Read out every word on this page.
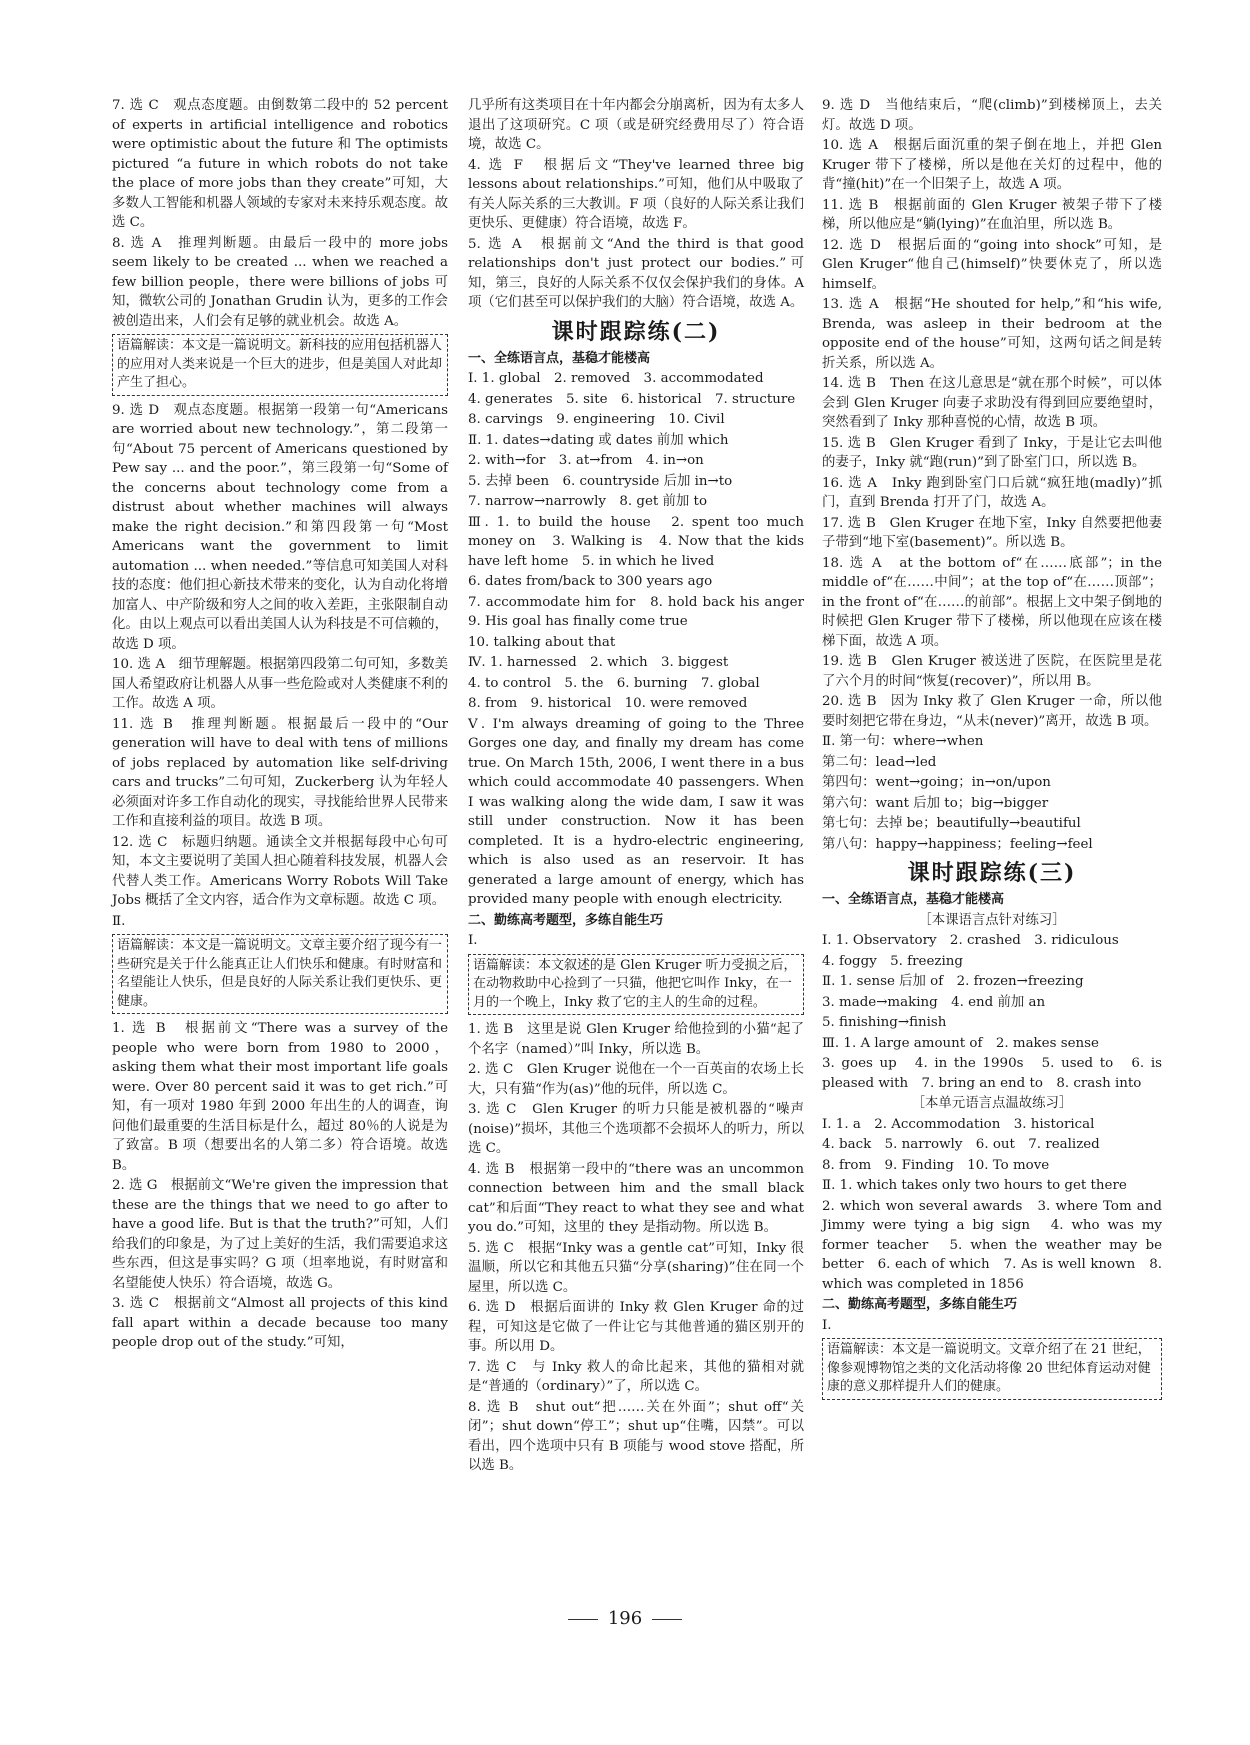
7. 选 C　观点态度题。由倒数第二段中的 52 percent of experts in artificial intelligence and robotics were optimistic about the future 和 The optimists pictured “a future in which robots do not take the place of more jobs than they create”可知，大多数人工智能和机器人领域的专家对未来持乐观态度。故选 C。

8. 选 A　推理判断题。由最后一段中的 more jobs seem likely to be created ... when we reached a few billion people，there were billions of jobs 可知，微软公司的 Jonathan Grudin 认为，更多的工作会被创造出来，人们会有足够的就业机会。故选 A。

语篇解读：本文是一篇说明文。新科技的应用包括机器人的应用对人类来说是一个巨大的进步，但是美国人对此却产生了担心。

9. 选 D　观点态度题。根据第一段第一句“Americans are worried about new technology.”，第二段第一句“About 75 percent of Americans questioned by Pew say ... and the poor.”，第三段第一句“Some of the concerns about technology come from a distrust about whether machines will always make the right decision.”和第四段第一句“Most Americans want the government to limit automation ... when needed.”等信息可知美国人对科技的态度：他们担心新技术带来的变化，认为自动化将增加富人、中产阶级和穷人之间的收入差距，主张限制自动化。由以上观点可以看出美国人认为科技是不可信赖的，故选 D 项。

10. 选 A　细节理解题。根据第四段第二句可知，多数美国人希望政府让机器人从事一些危险或对人类健康不利的工作。故选 A 项。

11. 选 B　推理判断题。根据最后一段中的“Our generation will have to deal with tens of millions of jobs replaced by automation like self-driving cars and trucks”二句可知，Zuckerberg 认为年轻人必须面对许多工作自动化的现实，寻找能给世界人民带来工作和直接利益的项目。故选 B 项。

12. 选 C　标题归纳题。通读全文并根据每段中心句可知，本文主要说明了美国人担心随着科技发展，机器人会代替人类工作。Americans Worry Robots Will Take Jobs 概括了全文内容，适合作为文章标题。故选 C 项。

Ⅱ.

语篇解读：本文是一篇说明文。文章主要介绍了现今有一些研究是关于什么能真正让人们快乐和健康。有时财富和名望能让人快乐，但是良好的人际关系让我们更快乐、更健康。

1. 选 B　根据前文“There was a survey of the people who were born from 1980 to 2000，asking them what their most important life goals were. Over 80 percent said it was to get rich.”可知，有一项对 1980 年到 2000 年出生的人的调查，询问他们最重要的生活目标是什么，超过 80％的人说是为了致富。B 项（想要出名的人第二多）符合语境。故选 B。

2. 选 G　根据前文“We're given the impression that these are the things that we need to go after to have a good life. But is that the truth?”可知，人们给我们的印象是，为了过上美好的生活，我们需要追求这些东西，但这是事实吗？G 项（坦率地说，有时财富和名望能使人快乐）符合语境，故选 G。

3. 选 C　根据前文“Almost all projects of this kind fall apart within a decade because too many people drop out of the study.”可知，

几乎所有这类项目在十年内都会分崩离析，因为有太多人退出了这项研究。C 项（或是研究经费用尽了）符合语境，故选 C。

4. 选 F　根据后文“They've learned three big lessons about relationships.”可知，他们从中吸取了有关人际关系的三大教训。F 项（良好的人际关系让我们更快乐、更健康）符合语境，故选 F。

5. 选 A　根据前文“And the third is that good relationships don't just protect our bodies.”可知，第三，良好的人际关系不仅仅会保护我们的身体。A 项（它们甚至可以保护我们的大脑）符合语境，故选 A。

课时跟踪练(二)
一、全练语言点，基稳才能楼高

Ⅰ. 1. global　2. removed　3. accommodated

4. generates　5. site　6. historical　7. structure

8. carvings　9. engineering　10. Civil

Ⅱ. 1. dates→dating 或 dates 前加 which

2. with→for　3. at→from　4. in→on

5. 去掉 been　6. countryside 后加 in→to

7. narrow→narrowly　8. get 前加 to

Ⅲ. 1. to build the house　2. spent too much money on　3. Walking is　4. Now that the kids have left home　5. in which he lived

6. dates from/back to 300 years ago

7. accommodate him for　8. hold back his anger　9. His goal has finally come true

10. talking about that

Ⅳ. 1. harnessed　2. which　3. biggest

4. to control　5. the　6. burning　7. global

8. from　9. historical　10. were removed

Ⅴ. I'm always dreaming of going to the Three Gorges one day, and finally my dream has come true. On March 15th, 2006, I went there in a bus which could accommodate 40 passengers. When I was walking along the wide dam, I saw it was still under construction. Now it has been completed. It is a hydro-electric engineering, which is also used as an reservoir. It has generated a large amount of energy, which has provided many people with enough electricity.

二、勤练高考题型，多练自能生巧

Ⅰ.

语篇解读：本文叙述的是 Glen Kruger 听力受损之后，在动物救助中心捡到了一只猫，他把它叫作 Inky，在一月的一个晚上，Inky 救了它的主人的生命的过程。

1. 选 B　这里是说 Glen Kruger 给他捡到的小猫“起了个名字（named）”叫 Inky，所以选 B。

2. 选 C　Glen Kruger 说他在一个一百英亩的农场上长大，只有猫“作为(as)”他的玩伴，所以选 C。

3. 选 C　Glen Kruger 的听力只能是被机器的“噪声(noise)”损坏，其他三个选项都不会损坏人的听力，所以选 C。

4. 选 B　根据第一段中的“there was an uncommon connection between him and the small black cat”和后面“They react to what they see and what you do.”可知，这里的 they 是指动物。所以选 B。

5. 选 C　根据“Inky was a gentle cat”可知，Inky 很温顺，所以它和其他五只猫“分享(sharing)”住在同一个屋里，所以选 C。

6. 选 D　根据后面讲的 Inky 救 Glen Kruger 命的过程，可知这是它做了一件让它与其他普通的猫区别开的事。所以用 D。

7. 选 C　与 Inky 救人的命比起来，其他的猫相对就是“普通的（ordinary）”了，所以选 C。

8. 选 B　shut out“把……关在外面”；shut off“关闭”；shut down“停工”；shut up“住嘴，囚禁”。可以看出，四个选项中只有 B 项能与 wood stove 搭配，所以选 B。

9. 选 D　当他结束后，“爬(climb)”到楼梯顶上，去关灯。故选 D 项。

10. 选 A　根据后面沉重的架子倒在地上，并把 Glen Kruger 带下了楼梯，所以是他在关灯的过程中，他的背“撞(hit)”在一个旧架子上，故选 A 项。

11. 选 B　根据前面的 Glen Kruger 被架子带下了楼梯，所以他应是“躺(lying)”在血泊里，所以选 B。

12. 选 D　根据后面的“going into shock”可知，是 Glen Kruger“他自己(himself)”快要休克了，所以选 himself。

13. 选 A　根据“He shouted for help,”和“his wife, Brenda, was asleep in their bedroom at the opposite end of the house”可知，这两句话之间是转折关系，所以选 A。

14. 选 B　Then 在这儿意思是“就在那个时候”，可以体会到 Glen Kruger 向妻子求助没有得到回应要绝望时，突然看到了 Inky 那种喜悦的心情，故选 B 项。

15. 选 B　Glen Kruger 看到了 Inky，于是让它去叫他的妻子，Inky 就“跑(run)”到了卧室门口，所以选 B。

16. 选 A　Inky 跑到卧室门口后就“疯狂地(madly)”抓门，直到 Brenda 打开了门，故选 A。

17. 选 B　Glen Kruger 在地下室，Inky 自然要把他妻子带到“地下室(basement)”。所以选 B。

18. 选 A　at the bottom of“在……底部”；in the middle of“在……中间”；at the top of“在……顶部”；in the front of“在……的前部”。根据上文中架子倒地的时候把 Glen Kruger 带下了楼梯，所以他现在应该在楼梯下面，故选 A 项。

19. 选 B　Glen Kruger 被送进了医院，在医院里是花了六个月的时间“恢复(recover)”，所以用 B。

20. 选 B　因为 Inky 救了 Glen Kruger 一命，所以他要时刻把它带在身边，“从未(never)”离开，故选 B 项。

Ⅱ. 第一句：where→when

第二句：lead→led

第四句：went→going；in→on/upon

第六句：want 后加 to；big→bigger

第七句：去掉 be；beautifully→beautiful

第八句：happy→happiness；feeling→feel

课时跟踪练(三)
一、全练语言点，基稳才能楼高
［本课语言点针对练习］

Ⅰ. 1. Observatory　2. crashed　3. ridiculous

4. foggy　5. freezing

Ⅱ. 1. sense 后加 of　2. frozen→freezing

3. made→making　4. end 前加 an

5. finishing→finish

Ⅲ. 1. A large amount of　2. makes sense

3. goes up　4. in the 1990s　5. used to　6. is pleased with　7. bring an end to　8. crash into

［本单元语言点温故练习］

Ⅰ. 1. a　2. Accommodation　3. historical

4. back　5. narrowly　6. out　7. realized

8. from　9. Finding　10. To move

Ⅱ. 1. which takes only two hours to get there

2. which won several awards　3. where Tom and Jimmy were tying a big sign　4. who was my former teacher　5. when the weather may be better　6. each of which　7. As is well known　8. which was completed in 1856

二、勤练高考题型，多练自能生巧

Ⅰ.

语篇解读：本文是一篇说明文。文章介绍了在 21 世纪，像参观博物馆之类的文化活动将像 20 世纪体育运动对健康的意义那样提升人们的健康。
196
